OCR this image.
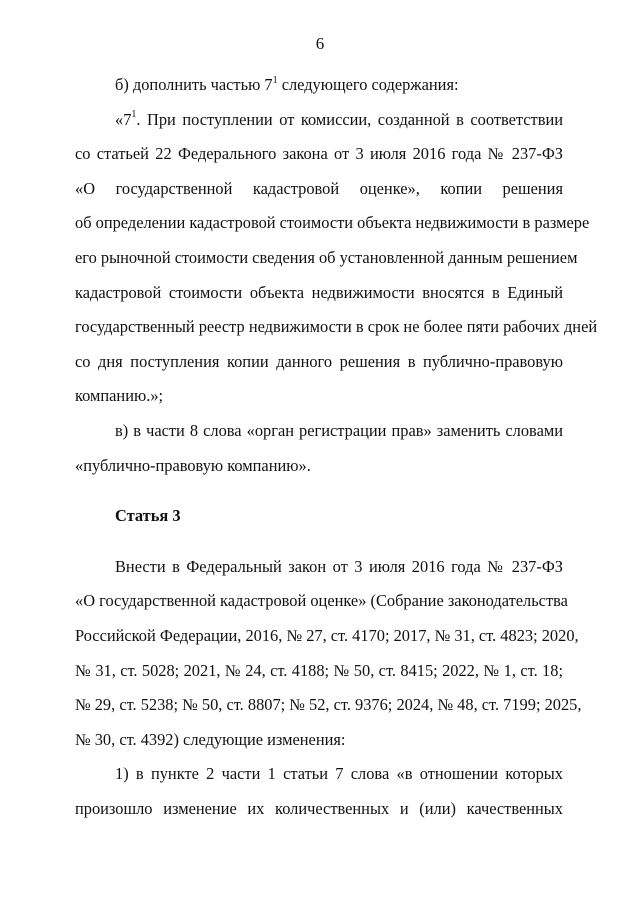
6

б) дополнить частью $7^1$ следующего содержания:

«$7^1$. При поступлении от комиссии, созданной в соответствии
со статьей 22 Федерального закона от 3 июля 2016 года № 237-ФЗ
«О государственной кадастровой оценке», копии решения
об определении кадастровой стоимости объекта недвижимости в размере
его рыночной стоимости сведения об установленной данным решением
кадастровой стоимости объекта недвижимости вносятся в Единый
государственный реестр недвижимости в срок не более пяти рабочих дней
со дня поступления копии данного решения в публично-правовую
компанию.»;

в) в части 8 слова «орган регистрации прав» заменить словами
«публично-правовую компанию».

Статья 3

Внести в Федеральный закон от 3 июля 2016 года № 237-ФЗ
«О государственной кадастровой оценке» (Собрание законодательства
Российской Федерации, 2016, № 27, ст. 4170; 2017, № 31, ст. 4823; 2020,
№ 31, ст. 5028; 2021, № 24, ст. 4188; № 50, ст. 8415; 2022, № 1, ст. 18;
№ 29, ст. 5238; № 50, ст. 8807; № 52, ст. 9376; 2024, № 48, ст. 7199; 2025,
№ 30, ст. 4392) следующие изменения:

1) в пункте 2 части 1 статьи 7 слова «в отношении которых
произошло изменение их количественных и (или) качественных
